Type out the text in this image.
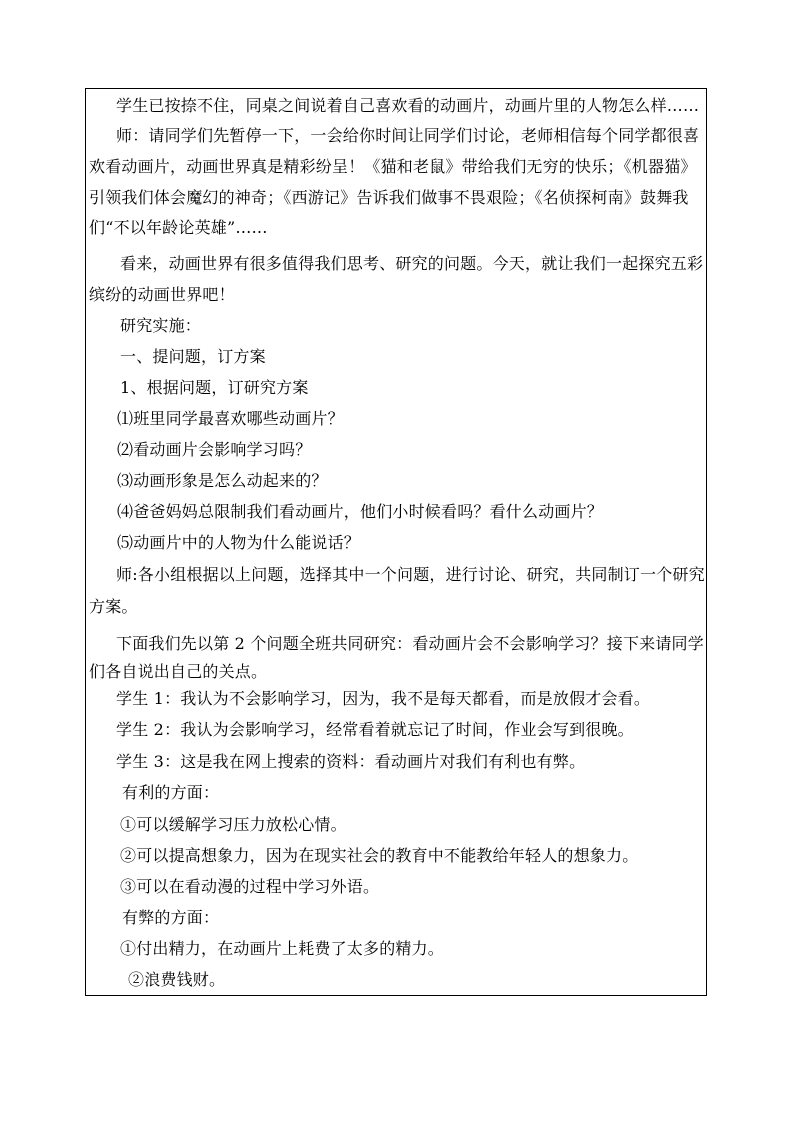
学生已按捺不住，同桌之间说着自己喜欢看的动画片，动画片里的人物怎么样……
师：请同学们先暂停一下，一会给你时间让同学们讨论，老师相信每个同学都很喜
欢看动画片，动画世界真是精彩纷呈！《猫和老鼠》带给我们无穷的快乐；《机器猫》
引领我们体会魔幻的神奇；《西游记》告诉我们做事不畏艰险；《名侦探柯南》鼓舞我
们“不以年龄论英雄”……
看来，动画世界有很多值得我们思考、研究的问题。今天，就让我们一起探究五彩
缤纷的动画世界吧！
研究实施：
一、提问题，订方案
1、根据问题，订研究方案
⑴班里同学最喜欢哪些动画片？
⑵看动画片会影响学习吗？
⑶动画形象是怎么动起来的？
⑷爸爸妈妈总限制我们看动画片，他们小时候看吗？看什么动画片？
⑸动画片中的人物为什么能说话？
师:各小组根据以上问题，选择其中一个问题，进行讨论、研究，共同制订一个研究
方案。
下面我们先以第 2 个问题全班共同研究：看动画片会不会影响学习？接下来请同学
们各自说出自己的关点。
学生 1：我认为不会影响学习，因为，我不是每天都看，而是放假才会看。
学生 2：我认为会影响学习，经常看着就忘记了时间，作业会写到很晚。
学生 3：这是我在网上搜索的资料：看动画片对我们有利也有弊。
有利的方面：
①可以缓解学习压力放松心情。
②可以提高想象力，因为在现实社会的教育中不能教给年轻人的想象力。
③可以在看动漫的过程中学习外语。
有弊的方面：
①付出精力，在动画片上耗费了太多的精力。
②浪费钱财。
